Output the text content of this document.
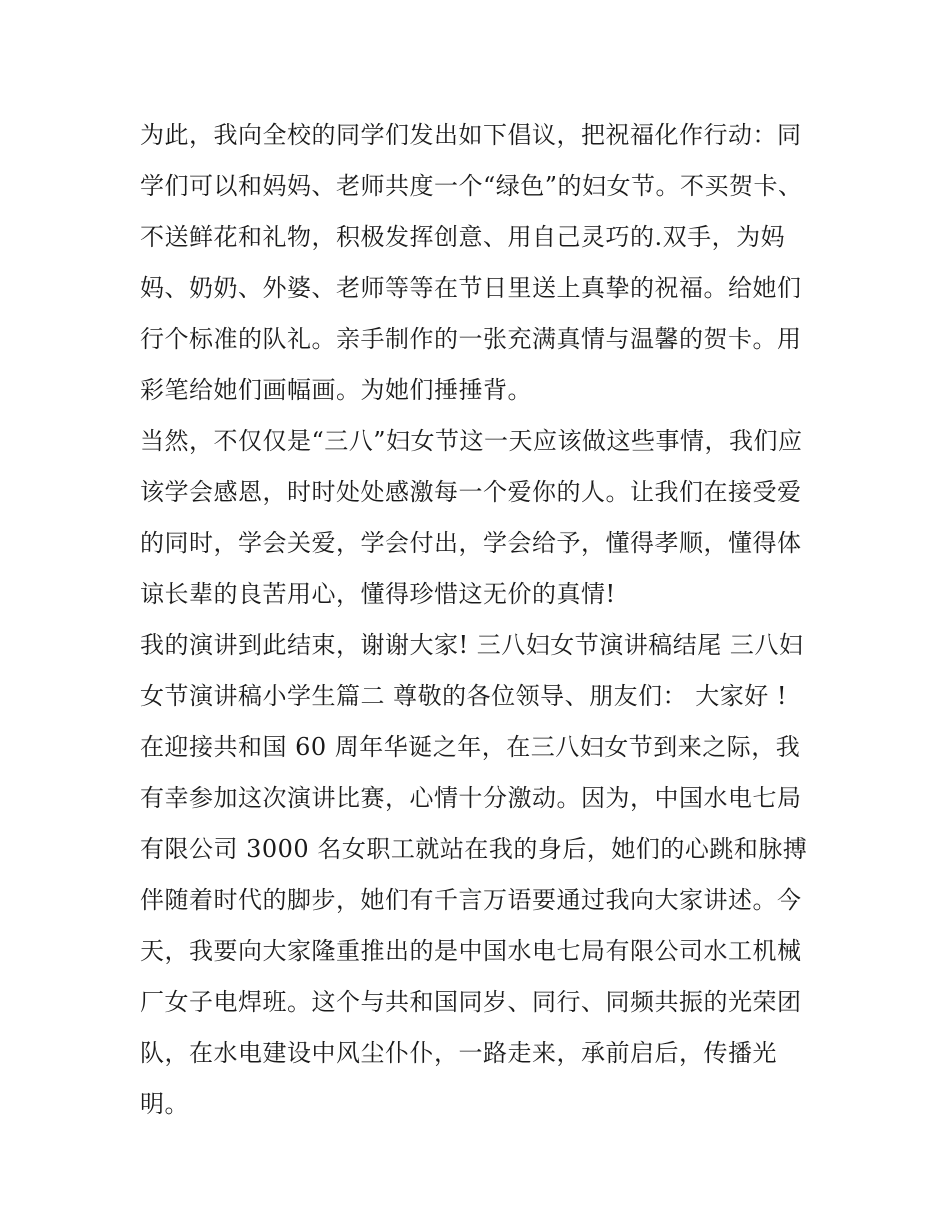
为此，我向全校的同学们发出如下倡议，把祝福化作行动：同
学们可以和妈妈、老师共度一个“绿色”的妇女节。不买贺卡、
不送鲜花和礼物，积极发挥创意、用自己灵巧的.双手，为妈
妈、奶奶、外婆、老师等等在节日里送上真挚的祝福。给她们
行个标准的队礼。亲手制作的一张充满真情与温馨的贺卡。用
彩笔给她们画幅画。为她们捶捶背。
当然，不仅仅是“三八”妇女节这一天应该做这些事情，我们应
该学会感恩，时时处处感激每一个爱你的人。让我们在接受爱
的同时，学会关爱，学会付出，学会给予，懂得孝顺，懂得体
谅长辈的良苦用心，懂得珍惜这无价的真情!
我的演讲到此结束，谢谢大家! 三八妇女节演讲稿结尾 三八妇
女节演讲稿小学生篇二 尊敬的各位领导、朋友们： 大家好 !
在迎接共和国 60 周年华诞之年，在三八妇女节到来之际，我
有幸参加这次演讲比赛，心情十分激动。因为，中国水电七局
有限公司 3000 名女职工就站在我的身后，她们的心跳和脉搏
伴随着时代的脚步，她们有千言万语要通过我向大家讲述。今
天，我要向大家隆重推出的是中国水电七局有限公司水工机械
厂女子电焊班。这个与共和国同岁、同行、同频共振的光荣团
队，在水电建设中风尘仆仆，一路走来，承前启后，传播光
明。
